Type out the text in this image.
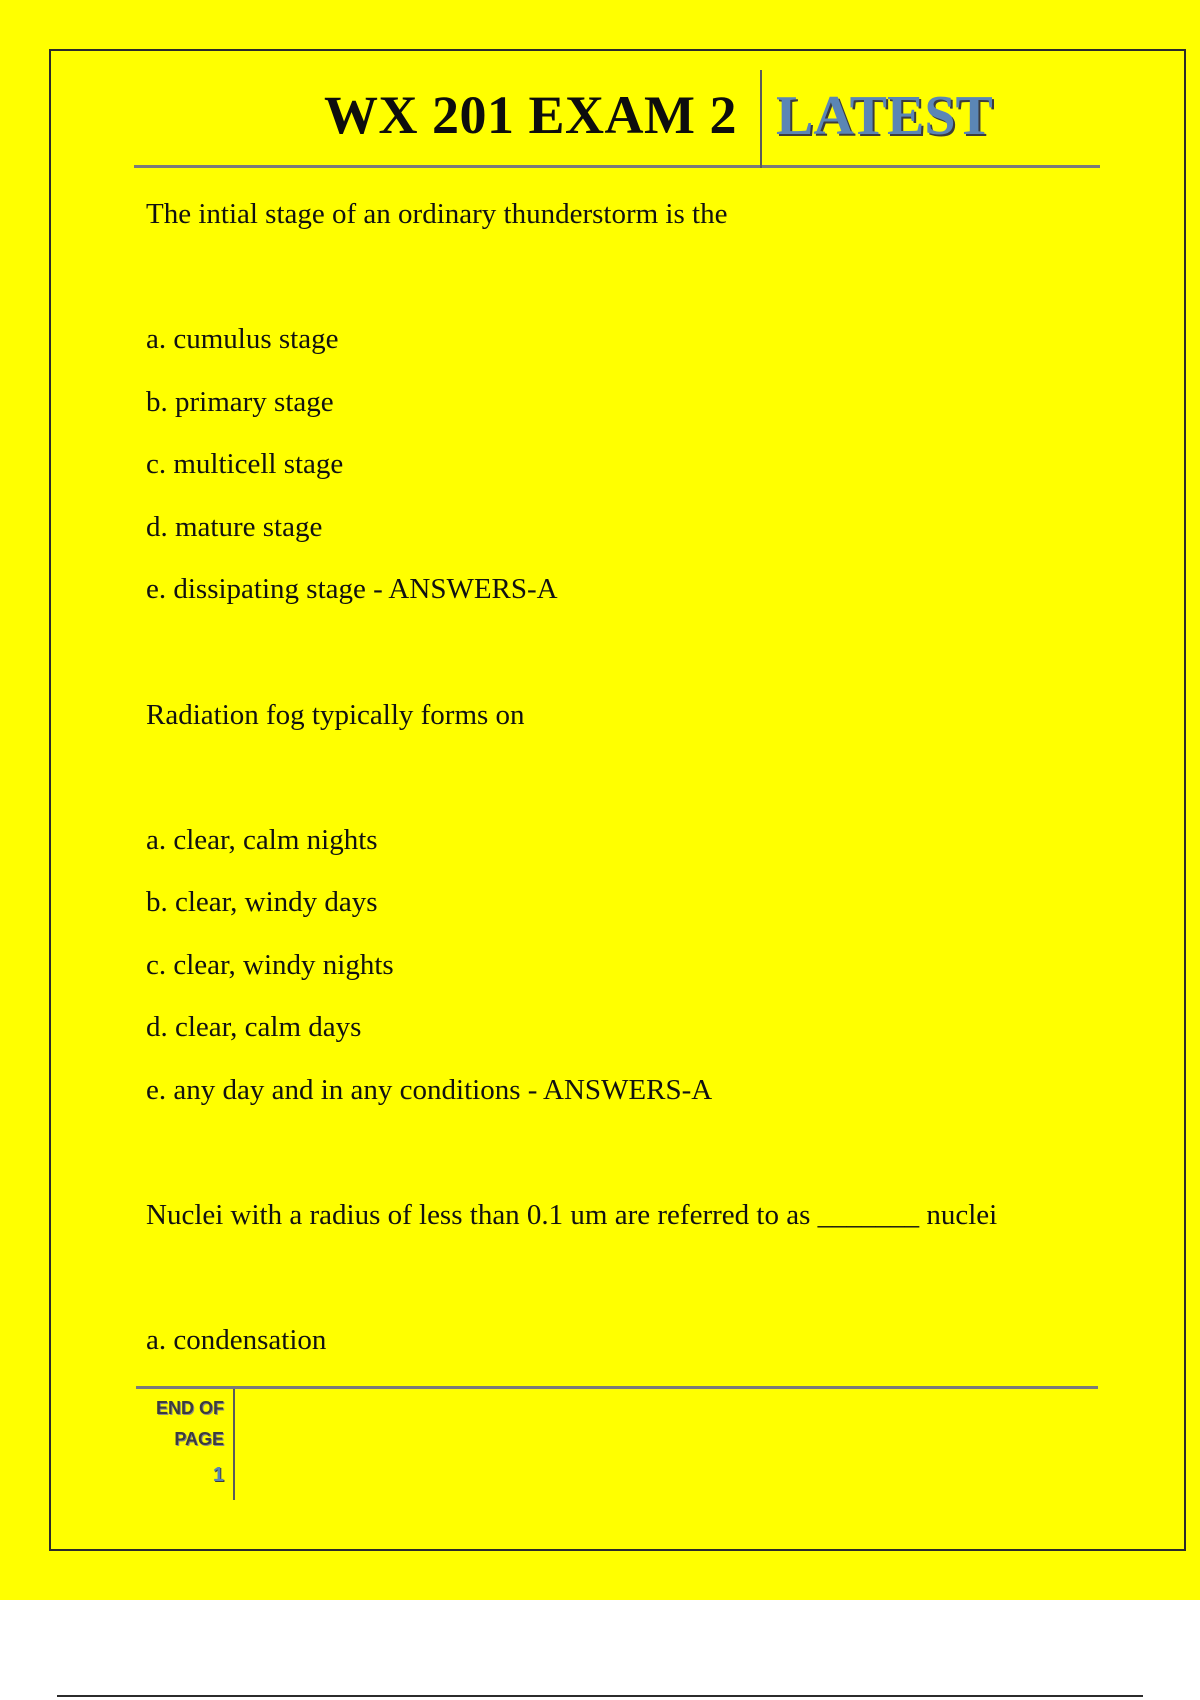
WX 201 EXAM 2 LATEST

The intial stage of an ordinary thunderstorm is the

a. cumulus stage

b. primary stage

c. multicell stage

d. mature stage

e. dissipating stage - ANSWERS-A

Radiation fog typically forms on

a. clear, calm nights

b. clear, windy days

c. clear, windy nights

d. clear, calm days

e. any day and in any conditions - ANSWERS-A

Nuclei with a radius of less than 0.1 um are referred to as _______ nuclei

a. condensation

END OF
PAGE
1
